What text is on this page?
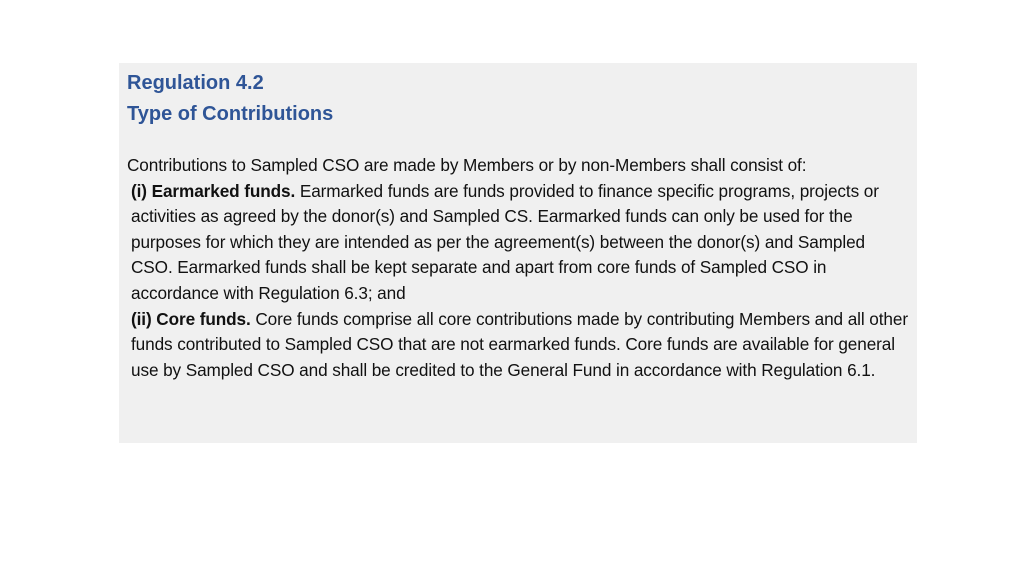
Regulation 4.2
Type of Contributions
Contributions to Sampled CSO are made by Members or by non-Members shall consist of:
(i) Earmarked funds. Earmarked funds are funds provided to finance specific programs, projects or activities as agreed by the donor(s) and Sampled CS. Earmarked funds can only be used for the purposes for which they are intended as per the agreement(s) between the donor(s) and Sampled CSO. Earmarked funds shall be kept separate and apart from core funds of Sampled CSO in accordance with Regulation 6.3; and
(ii) Core funds. Core funds comprise all core contributions made by contributing Members and all other funds contributed to Sampled CSO that are not earmarked funds. Core funds are available for general use by Sampled CSO and shall be credited to the General Fund in accordance with Regulation 6.1.
